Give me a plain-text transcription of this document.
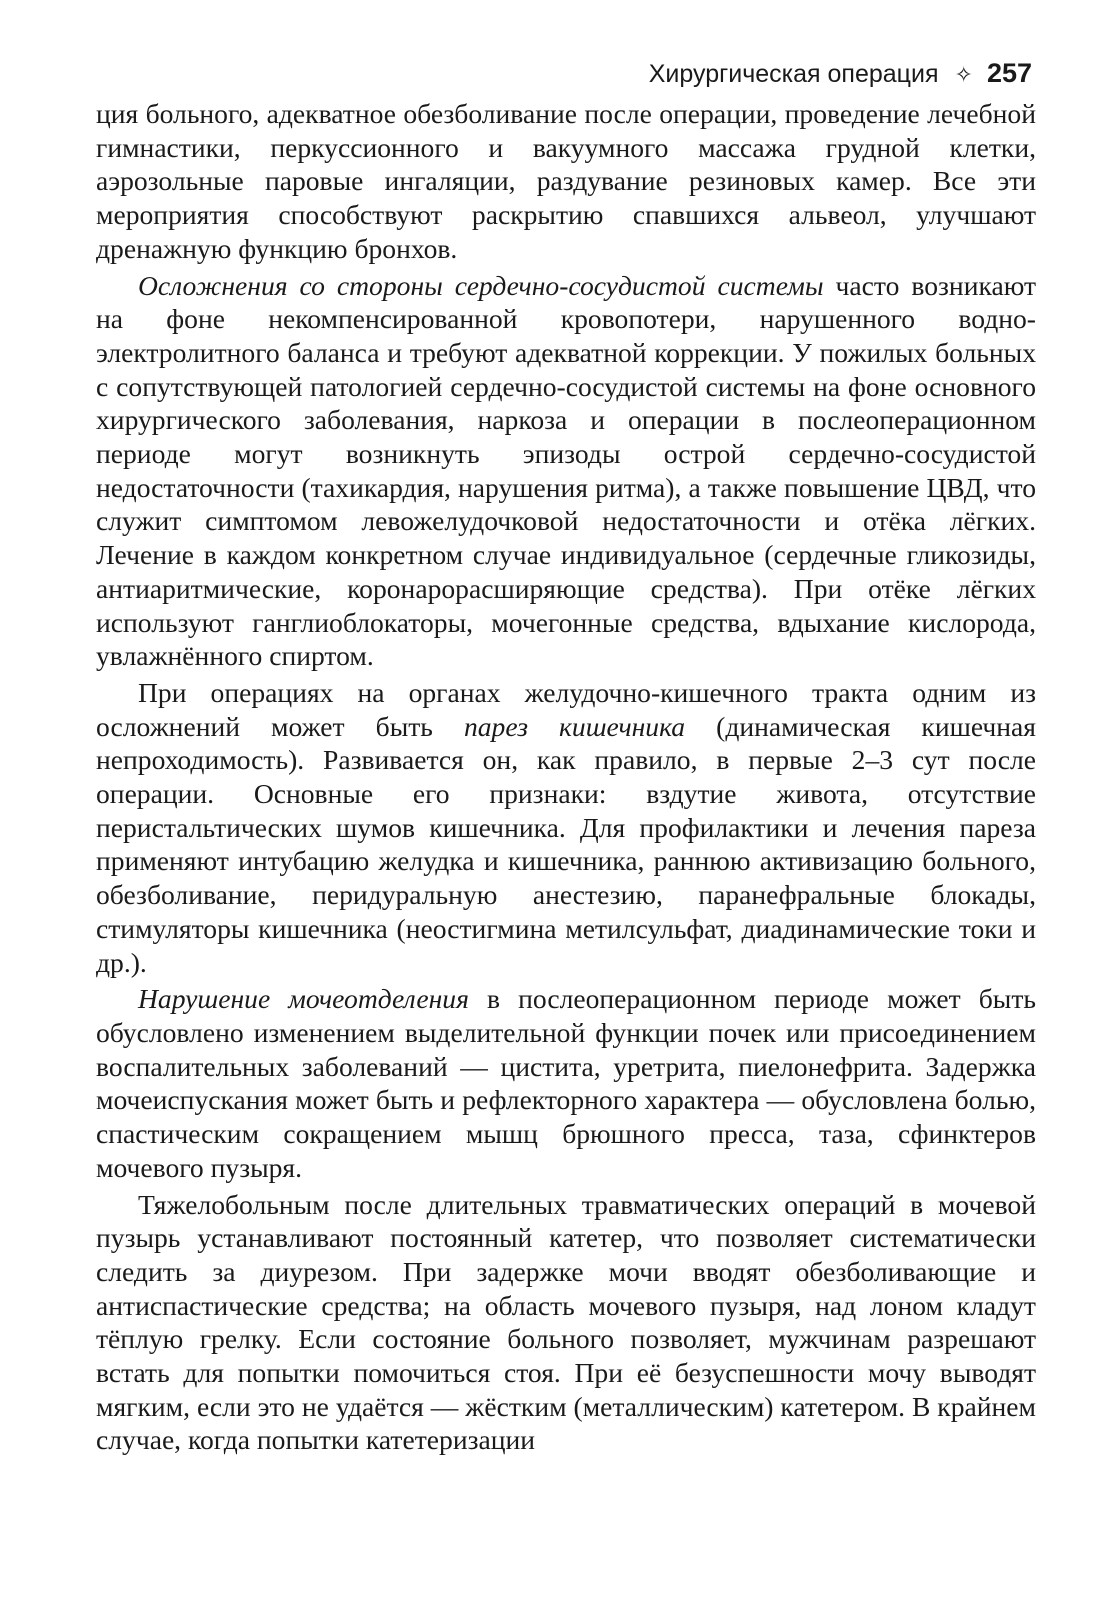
Хирургическая операция ✧ 257

ция больного, адекватное обезболивание после операции, проведение лечебной гимнастики, перкуссионного и вакуумного массажа грудной клетки, аэрозольные паровые ингаляции, раздувание резиновых камер. Все эти мероприятия способствуют раскрытию спавшихся альвеол, улучшают дренажную функцию бронхов.

Осложнения со стороны сердечно-сосудистой системы часто возникают на фоне некомпенсированной кровопотери, нарушенного водно-электролитного баланса и требуют адекватной коррекции. У пожилых больных с сопутствующей патологией сердечно-сосудистой системы на фоне основного хирургического заболевания, наркоза и операции в послеоперационном периоде могут возникнуть эпизоды острой сердечно-сосудистой недостаточности (тахикардия, нарушения ритма), а также повышение ЦВД, что служит симптомом левожелудочковой недостаточности и отёка лёгких. Лечение в каждом конкретном случае индивидуальное (сердечные гликозиды, антиаритмические, коронарорасширяющие средства). При отёке лёгких используют ганглиоблокаторы, мочегонные средства, вдыхание кислорода, увлажнённого спиртом.

При операциях на органах желудочно-кишечного тракта одним из осложнений может быть парез кишечника (динамическая кишечная непроходимость). Развивается он, как правило, в первые 2–3 сут после операции. Основные его признаки: вздутие живота, отсутствие перистальтических шумов кишечника. Для профилактики и лечения пареза применяют интубацию желудка и кишечника, раннюю активизацию больного, обезболивание, перидуральную анестезию, паранефральные блокады, стимуляторы кишечника (неостигмина метилсульфат, диадинамические токи и др.).

Нарушение мочеотделения в послеоперационном периоде может быть обусловлено изменением выделительной функции почек или присоединением воспалительных заболеваний — цистита, уретрита, пиелонефрита. Задержка мочеиспускания может быть и рефлекторного характера — обусловлена болью, спастическим сокращением мышц брюшного пресса, таза, сфинктеров мочевого пузыря.

Тяжелобольным после длительных травматических операций в мочевой пузырь устанавливают постоянный катетер, что позволяет систематически следить за диурезом. При задержке мочи вводят обезболивающие и антиспастические средства; на область мочевого пузыря, над лоном кладут тёплую грелку. Если состояние больного позволяет, мужчинам разрешают встать для попытки помочиться стоя. При её безуспешности мочу выводят мягким, если это не удаётся — жёстким (металлическим) катетером. В крайнем случае, когда попытки катетеризации
